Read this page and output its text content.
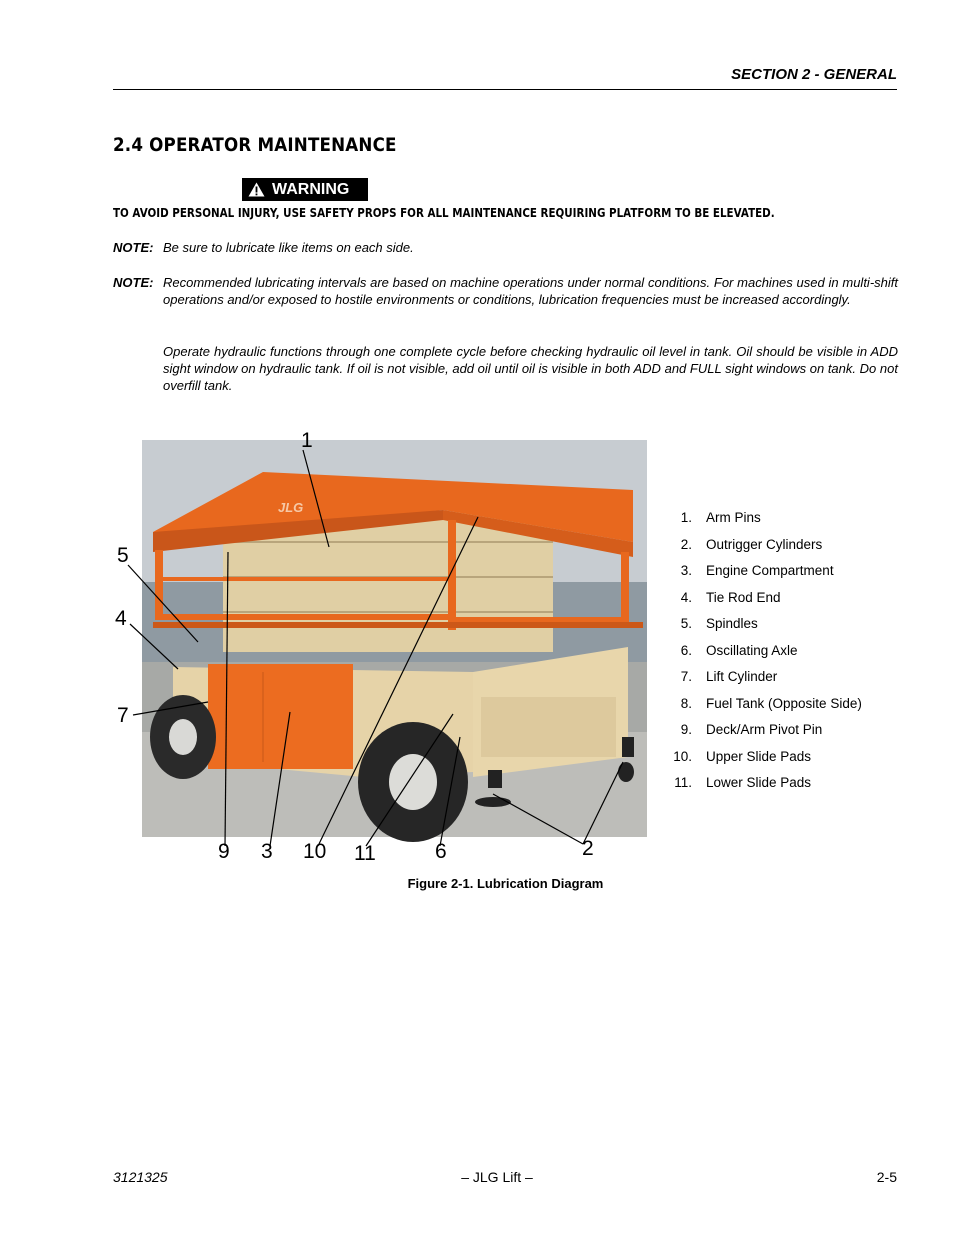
SECTION 2 - GENERAL
2.4 OPERATOR MAINTENANCE
WARNING
TO AVOID PERSONAL INJURY, USE SAFETY PROPS FOR ALL MAINTENANCE REQUIRING PLATFORM TO BE ELEVATED.
NOTE: Be sure to lubricate like items on each side.
NOTE: Recommended lubricating intervals are based on machine operations under normal conditions. For machines used in multi-shift operations and/or exposed to hostile environments or conditions, lubrication frequencies must be increased accordingly.
Operate hydraulic functions through one complete cycle before checking hydraulic oil level in tank. Oil should be visible in ADD sight window on hydraulic tank. If oil is not visible, add oil until oil is visible in both ADD and FULL sight windows on tank. Do not overfill tank.
JLG
1
2
3
4
5
6
7
9	10 11
1. Arm Pins
2. Outrigger Cylinders
3. Engine Compartment
4. Tie Rod End
5. Spindles
6. Oscillating Axle
7. Lift Cylinder
8. Fuel Tank (Opposite Side)
9. Deck/Arm Pivot Pin
10. Upper Slide Pads
11. Lower Slide Pads
Figure 2-1. Lubrication Diagram
3121325	– JLG Lift –	2-5
